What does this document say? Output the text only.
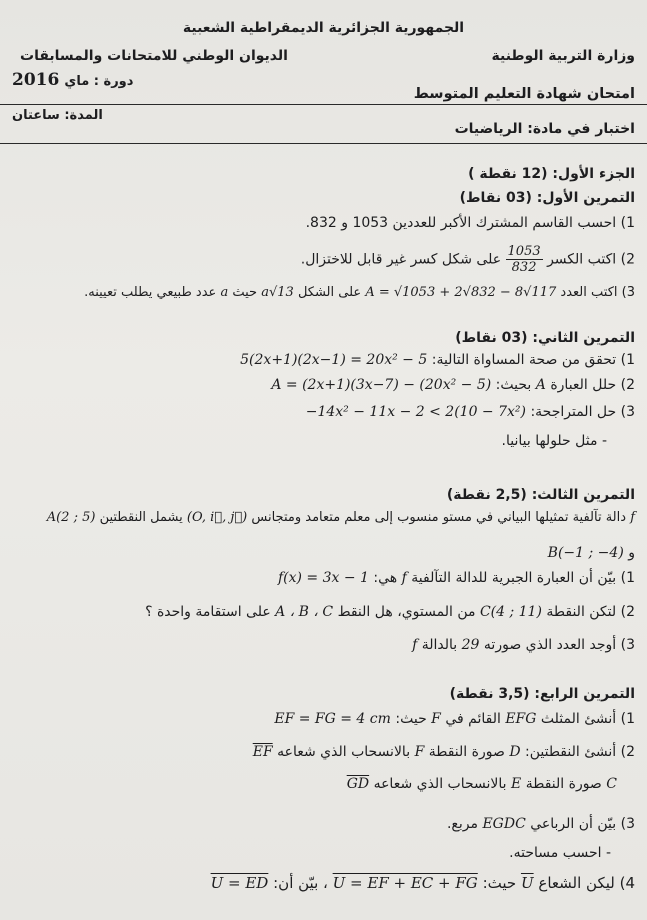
الجمهورية الجزائرية الديمقراطية الشعبية
الديوان الوطني للامتحانات والمسابقات	وزارة التربية الوطنية
دورة : ماي 2016
امتحان شهادة التعليم المتوسط
المدة: ساعتان
اختبار في مادة: الرياضيات
الجزء الأول: (12 نقطة )
التمرين الأول: (03 نقاط)
1) احسب القاسم المشترك الأكبر للعددين 1053 و 832.
2) اكتب الكسر
$\frac{1053}{832}$
على شكل كسر غير قابل للاختزال.
3) اكتب العدد A = √1053 + 2√832 − 8√117 على الشكل a√13 حيث a عدد طبيعي يطلب تعيينه.
التمرين الثاني: (03 نقاط)
1) تحقق من صحة المساواة التالية: 5(2x+1)(2x−1) = 20x² − 5
2) حلل العبارة A بحيث: A = (2x+1)(3x−7) − (20x² − 5)
3) حل المتراجحة: −14x² − 11x − 2 < 2(10 − 7x²)
- مثل حلولها بيانيا.
التمرين الثالث: (2,5 نقطة)
f دالة تآلفية تمثيلها البياني في مستو منسوب إلى معلم متعامد ومتجانس (O, i⃗, j⃗) يشمل النقطتين A(2 ; 5)
و B(−1 ; −4)
1) بيّن أن العبارة الجبرية للدالة التآلفية f هي: f(x) = 3x − 1
2) لتكن النقطة C(4 ; 11) من المستوي، هل النقط A ، B ، C على استقامة واحدة ؟
3) أوجد العدد الذي صورته 29 بالدالة f
التمرين الرابع: (3,5 نقطة)
1) أنشئ المثلث EFG القائم في F حيث: EF = FG = 4 cm
2) أنشئ النقطتين: D صورة النقطة F بالانسحاب الذي شعاعه $\overline{EF}$
C صورة النقطة E بالانسحاب الذي شعاعه $\overline{GD}$
3) بيّن أن الرباعي EGDC مربع.
- احسب مساحته.
4) ليكن الشعاع $\overline{U}$ حيث: U = EF + EC + FG ، بيّن أن: U = ED
